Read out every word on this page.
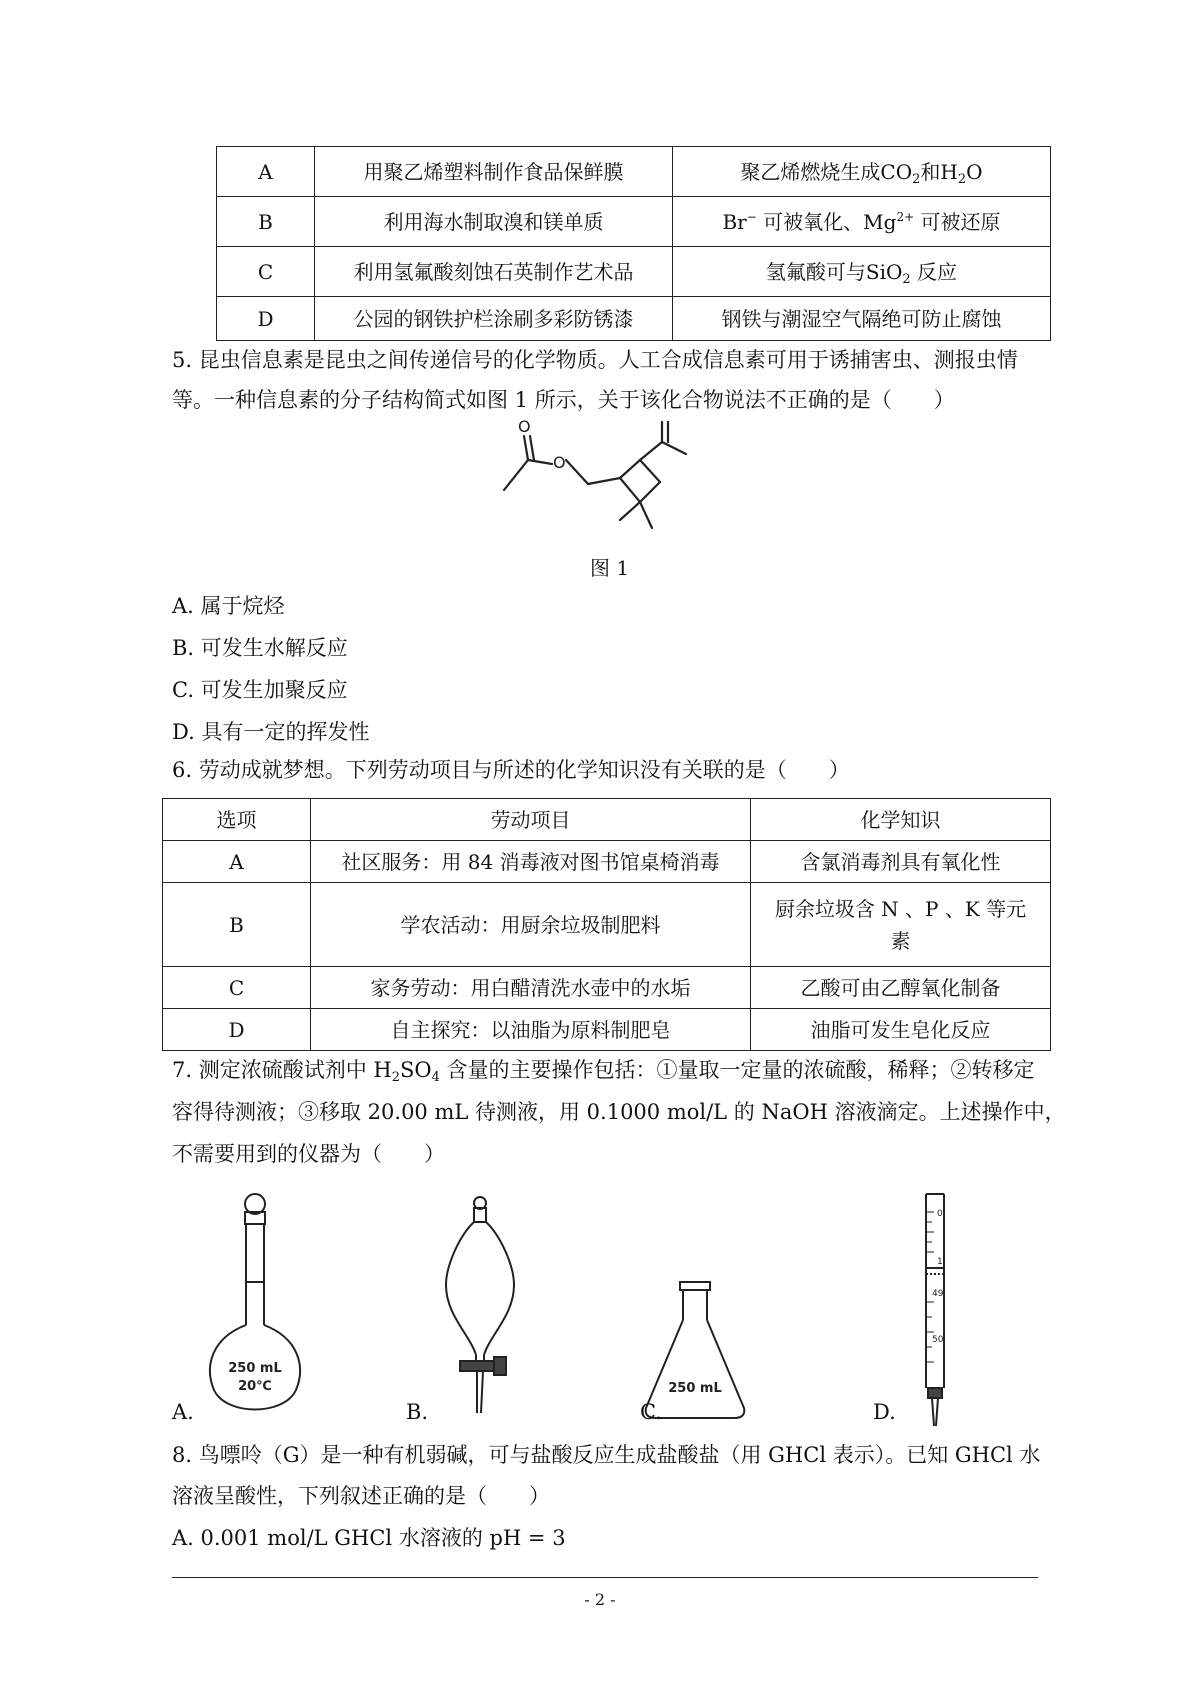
A	用聚乙烯塑料制作食品保鲜膜	聚乙烯燃烧生成$CO_2$和$H_2O$
B	利用海水制取溴和镁单质	Br− 可被氧化、$Mg^{2+}$ 可被还原
C	利用氢氟酸刻蚀石英制作艺术品	氢氟酸可与SiO$_2$ 反应
D	公园的钢铁护栏涂刷多彩防锈漆	钢铁与潮湿空气隔绝可防止腐蚀
5. 昆虫信息素是昆虫之间传递信号的化学物质。人工合成信息素可用于诱捕害虫、测报虫情
等。一种信息素的分子结构简式如图 1 所示，关于该化合物说法不正确的是（　　）
O
O
图 1
A. 属于烷烃
B. 可发生水解反应
C. 可发生加聚反应
D. 具有一定的挥发性
6. 劳动成就梦想。下列劳动项目与所述的化学知识没有关联的是（　　）
选项	劳动项目	化学知识
A	社区服务：用 84 消毒液对图书馆桌椅消毒	含氯消毒剂具有氧化性
B	学农活动：用厨余垃圾制肥料	厨余垃圾含 N 、P 、K 等元
素

C	家务劳动：用白醋清洗水壶中的水垢	乙酸可由乙醇氧化制备
D	自主探究：以油脂为原料制肥皂	油脂可发生皂化反应
7. 测定浓硫酸试剂中 $H_2SO_4$ 含量的主要操作包括：①量取一定量的浓硫酸，稀释；②转移定
容得待测液；③移取 20.00 mL 待测液，用 0.1000 mol/L 的 NaOH 溶液滴定。上述操作中，
不需要用到的仪器为（　　）
250 mL
20℃	250 mL
0
1
49
50
A.	B.	C.	D.
8. 鸟嘌呤（G）是一种有机弱碱，可与盐酸反应生成盐酸盐（用 GHCl 表示）。已知 GHCl 水
溶液呈酸性，下列叙述正确的是（　　）
A. 0.001 mol/L GHCl 水溶液的 pH = 3
- 2 -
